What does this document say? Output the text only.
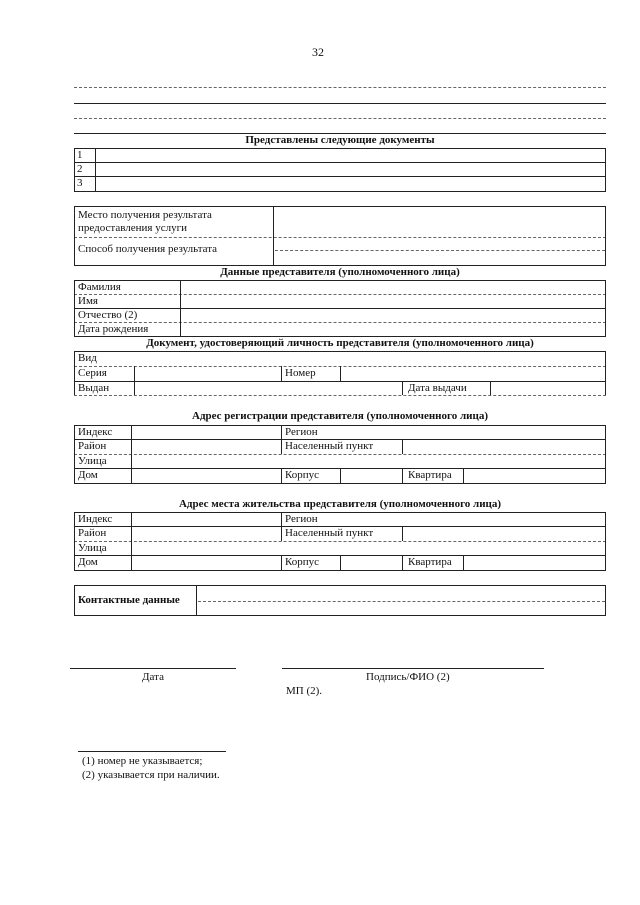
32
Представлены следующие документы
1
2
3
Место получения результата
предоставления услуги
Способ получения результата
Данные представителя (уполномоченного лица)
Фамилия
Имя
Отчество (2)
Дата рождения
Документ, удостоверяющий личность представителя (уполномоченного лица)
Вид
Серия	Номер
Выдан	Дата выдачи
Адрес регистрации представителя (уполномоченного лица)
Индекс	Регион
Район	Населенный пункт
Улица
Дом	Корпус	Квартира
Адрес места жительства представителя (уполномоченного лица)
Индекс	Регион
Район	Населенный пункт
Улица
Дом	Корпус	Квартира
Контактные данные
Дата	Подпись/ФИО (2)
МП (2).
(1) номер не указывается;
(2) указывается при наличии.
